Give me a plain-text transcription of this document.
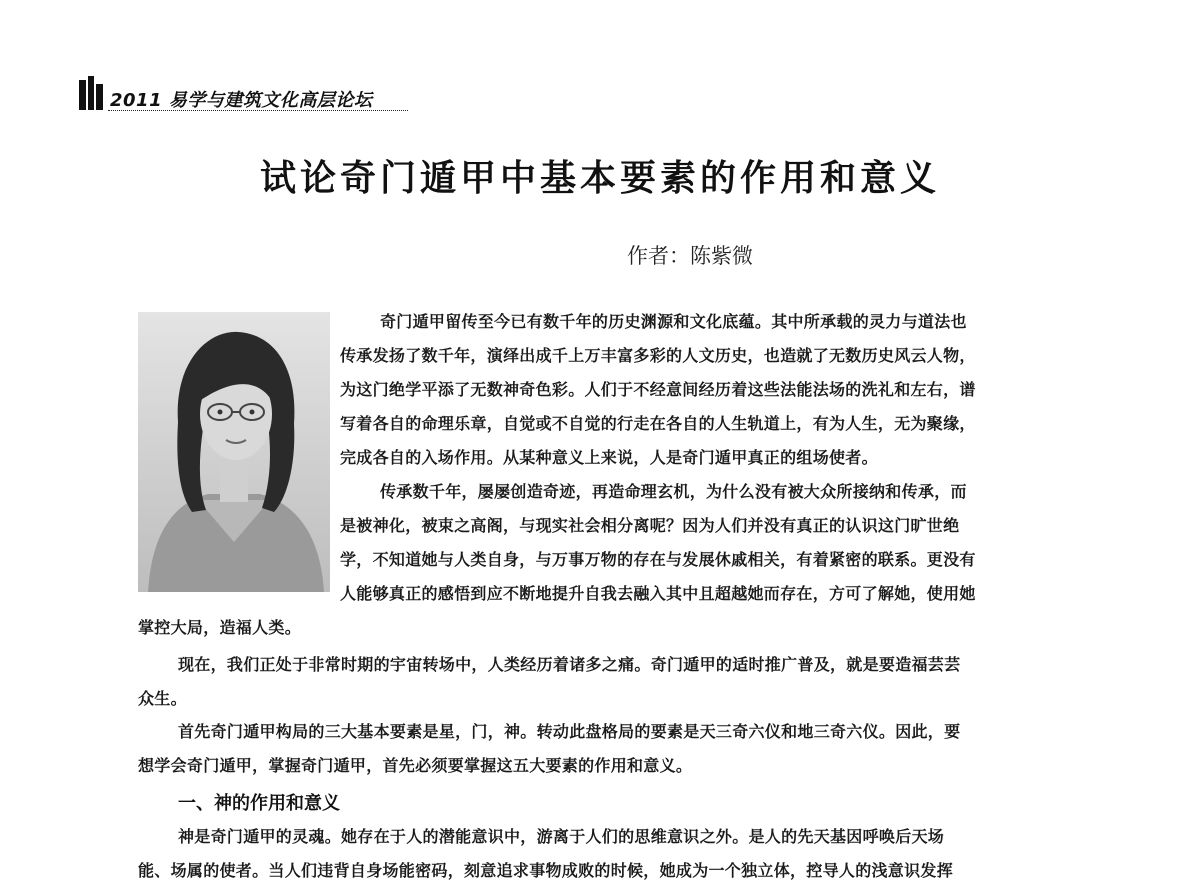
2011 易学与建筑文化高层论坛
试论奇门遁甲中基本要素的作用和意义
作者：陈紫微
奇门遁甲留传至今已有数千年的历史渊源和文化底蕴。其中所承载的灵力与道法也
传承发扬了数千年，演绎出成千上万丰富多彩的人文历史，也造就了无数历史风云人物，
为这门绝学平添了无数神奇色彩。人们于不经意间经历着这些法能法场的洗礼和左右，谱
写着各自的命理乐章，自觉或不自觉的行走在各自的人生轨道上，有为人生，无为聚缘，
完成各自的入场作用。从某种意义上来说，人是奇门遁甲真正的组场使者。
传承数千年，屡屡创造奇迹，再造命理玄机，为什么没有被大众所接纳和传承，而
是被神化，被束之高阁，与现实社会相分离呢？因为人们并没有真正的认识这门旷世绝
学，不知道她与人类自身，与万事万物的存在与发展休戚相关，有着紧密的联系。更没有
人能够真正的感悟到应不断地提升自我去融入其中且超越她而存在，方可了解她，使用她
掌控大局，造福人类。
现在，我们正处于非常时期的宇宙转场中，人类经历着诸多之痛。奇门遁甲的适时推广普及，就是要造福芸芸
众生。
首先奇门遁甲构局的三大基本要素是星，门，神。转动此盘格局的要素是天三奇六仪和地三奇六仪。因此，要
想学会奇门遁甲，掌握奇门遁甲，首先必须要掌握这五大要素的作用和意义。
一、神的作用和意义
神是奇门遁甲的灵魂。她存在于人的潜能意识中，游离于人们的思维意识之外。是人的先天基因呼唤后天场
能、场属的使者。当人们违背自身场能密码，刻意追求事物成败的时候，她成为一个独立体，控导人的浅意识发挥
